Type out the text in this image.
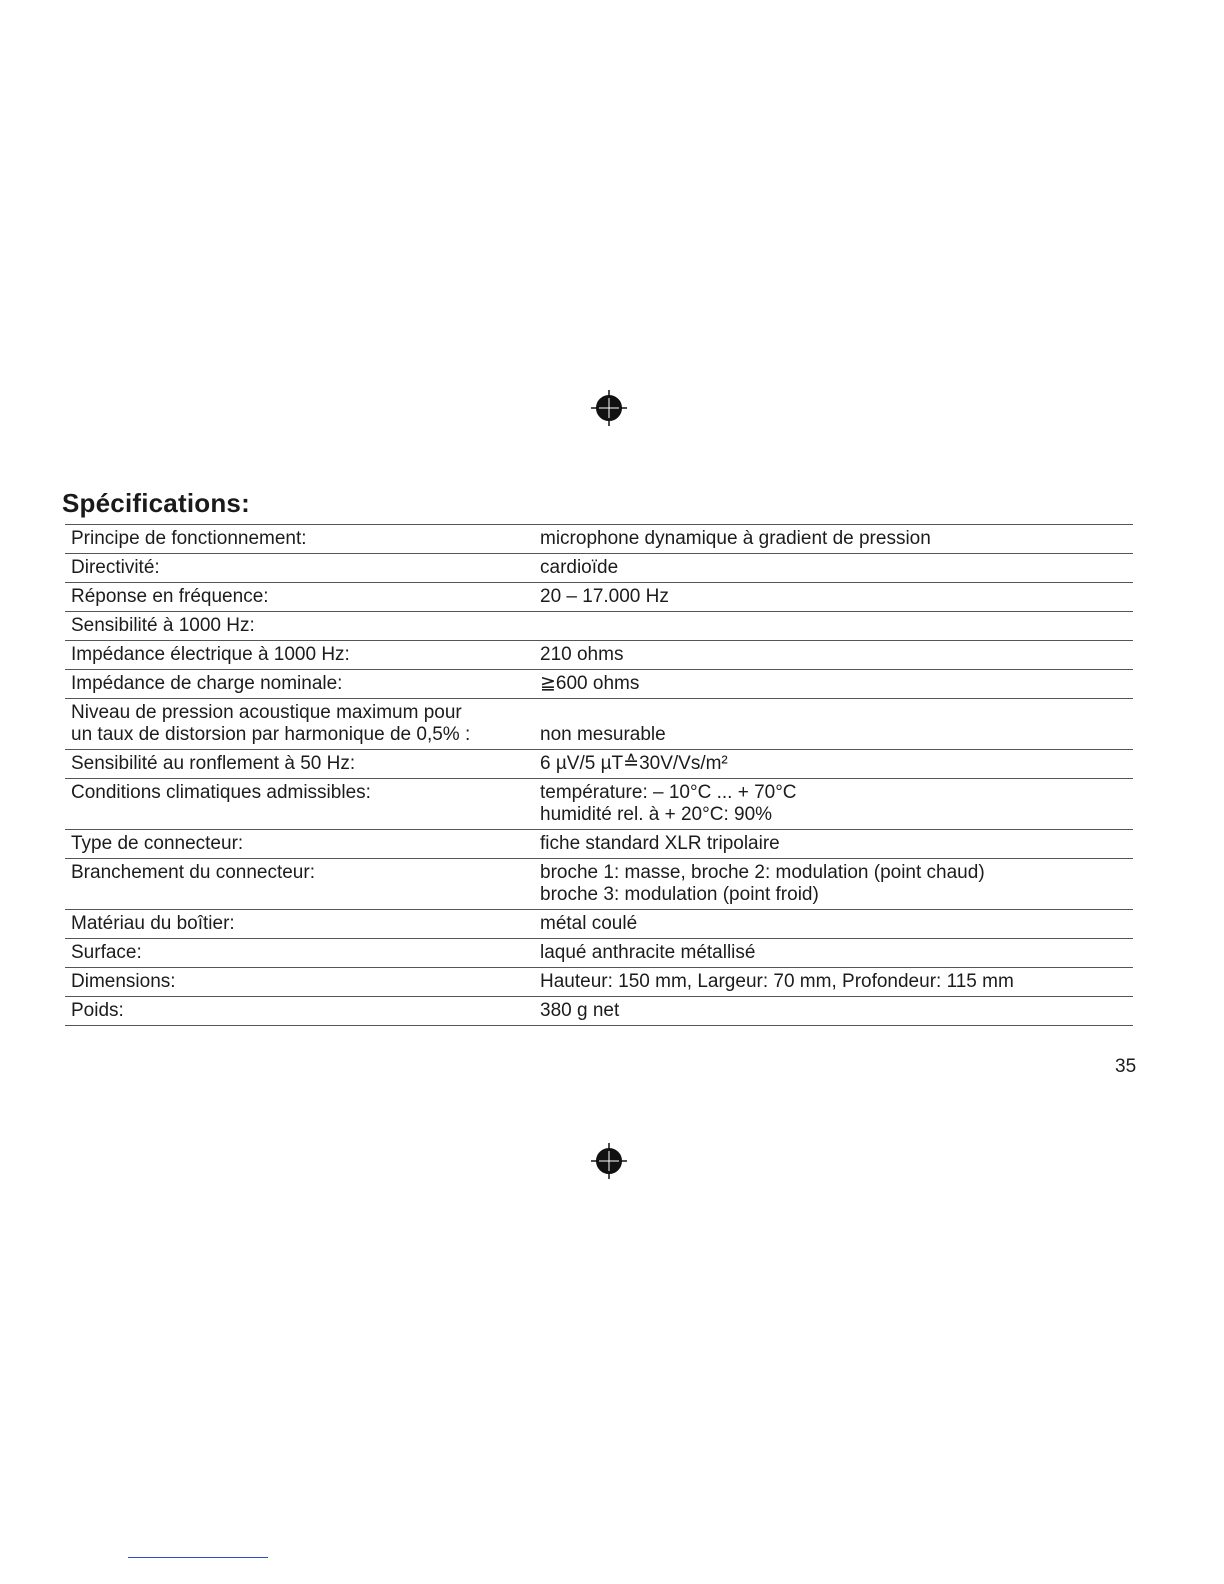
Spécifications:
Principe de fonctionnement:	microphone dynamique à gradient de pression
Directivité:	cardioïde
Réponse en fréquence:	20 – 17.000 Hz
Sensibilité à 1000 Hz:

Impédance électrique à 1000 Hz:	210 ohms
Impédance de charge nominale:	≧600 ohms
Niveau de pression acoustique maximum pour
un taux de distorsion par harmonique de 0,5% :
	non mesurable
Sensibilité au ronflement à 50 Hz:	6 µV/5 µT≙30V/Vs/m²
Conditions climatiques admissibles:
	température: – 10°C ... + 70°C
humidité rel. à + 20°C: 90%
Type de connecteur:	fiche standard XLR tripolaire
Branchement du connecteur:
	broche 1: masse, broche 2: modulation (point chaud)
broche 3: modulation (point froid)
Matériau du boîtier:	métal coulé
Surface:	laqué anthracite métallisé
Dimensions:	Hauteur: 150 mm, Largeur: 70 mm, Profondeur: 115 mm
Poids:	380 g net
35
